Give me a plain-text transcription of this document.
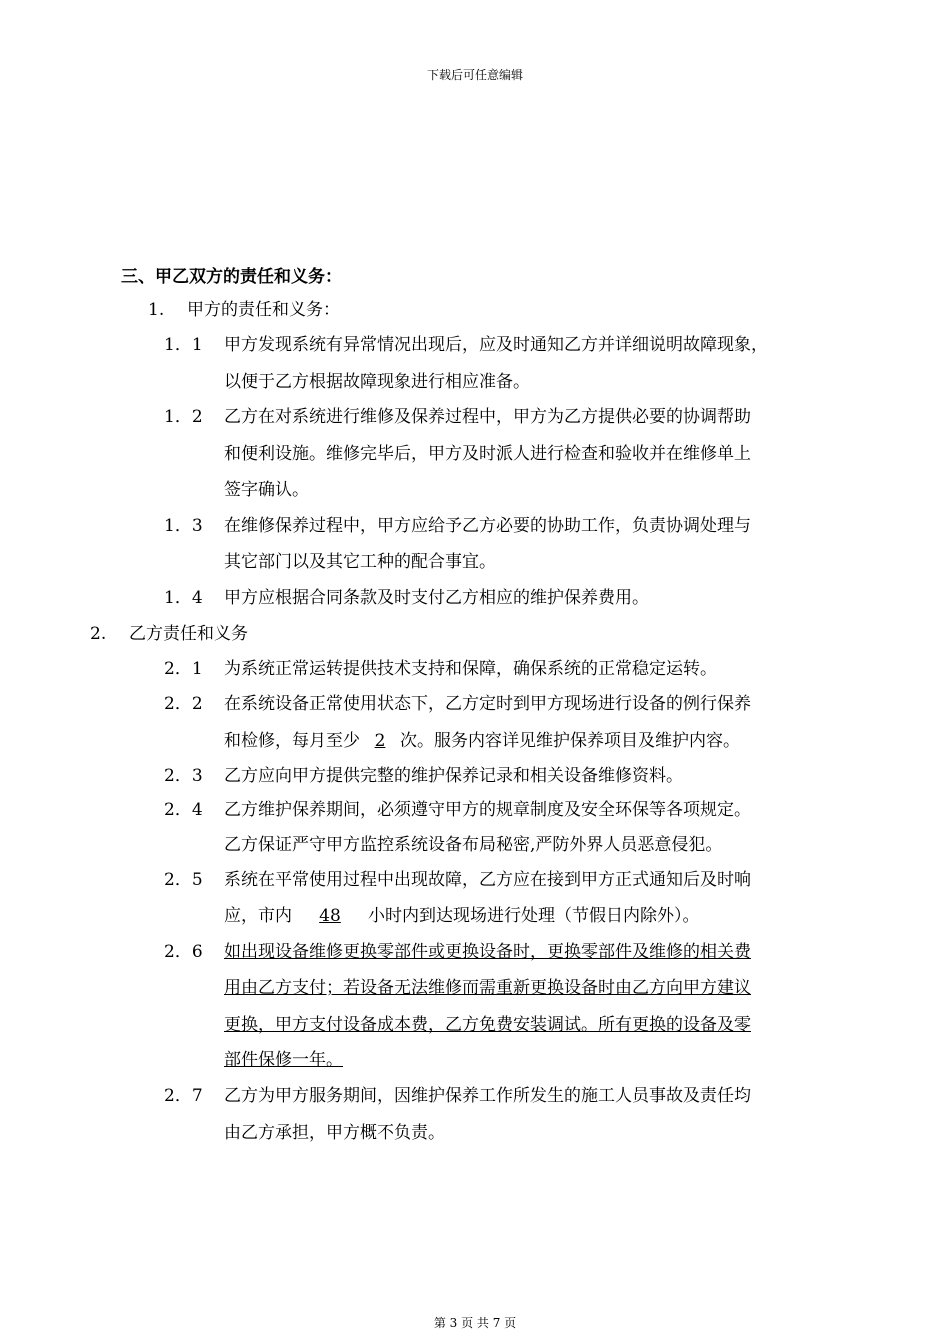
下载后可任意编辑
三、甲乙双方的责任和义务：
1. 甲方的责任和义务：
1．1 甲方发现系统有异常情况出现后，应及时通知乙方并详细说明故障现象，
以便于乙方根据故障现象进行相应准备。
1．2 乙方在对系统进行维修及保养过程中，甲方为乙方提供必要的协调帮助
和便利设施。维修完毕后，甲方及时派人进行检查和验收并在维修单上
签字确认。
1．3 在维修保养过程中，甲方应给予乙方必要的协助工作，负责协调处理与
其它部门以及其它工种的配合事宜。
1．4 甲方应根据合同条款及时支付乙方相应的维护保养费用。
2. 乙方责任和义务
2．1 为系统正常运转提供技术支持和保障，确保系统的正常稳定运转。
2．2 在系统设备正常使用状态下，乙方定时到甲方现场进行设备的例行保养
和检修，每月至少 2 次。服务内容详见维护保养项目及维护内容。
2．3 乙方应向甲方提供完整的维护保养记录和相关设备维修资料。
2．4 乙方维护保养期间，必须遵守甲方的规章制度及安全环保等各项规定。
乙方保证严守甲方监控系统设备布局秘密,严防外界人员恶意侵犯。
2．5 系统在平常使用过程中出现故障，乙方应在接到甲方正式通知后及时响
应，市内 48 小时内到达现场进行处理（节假日内除外）。
2．6 如出现设备维修更换零部件或更换设备时，更换零部件及维修的相关费
用由乙方支付；若设备无法维修而需重新更换设备时由乙方向甲方建议
更换，甲方支付设备成本费，乙方免费安装调试。所有更换的设备及零
部件保修一年。
2．7 乙方为甲方服务期间，因维护保养工作所发生的施工人员事故及责任均
由乙方承担，甲方概不负责。
第 3 页 共 7 页
